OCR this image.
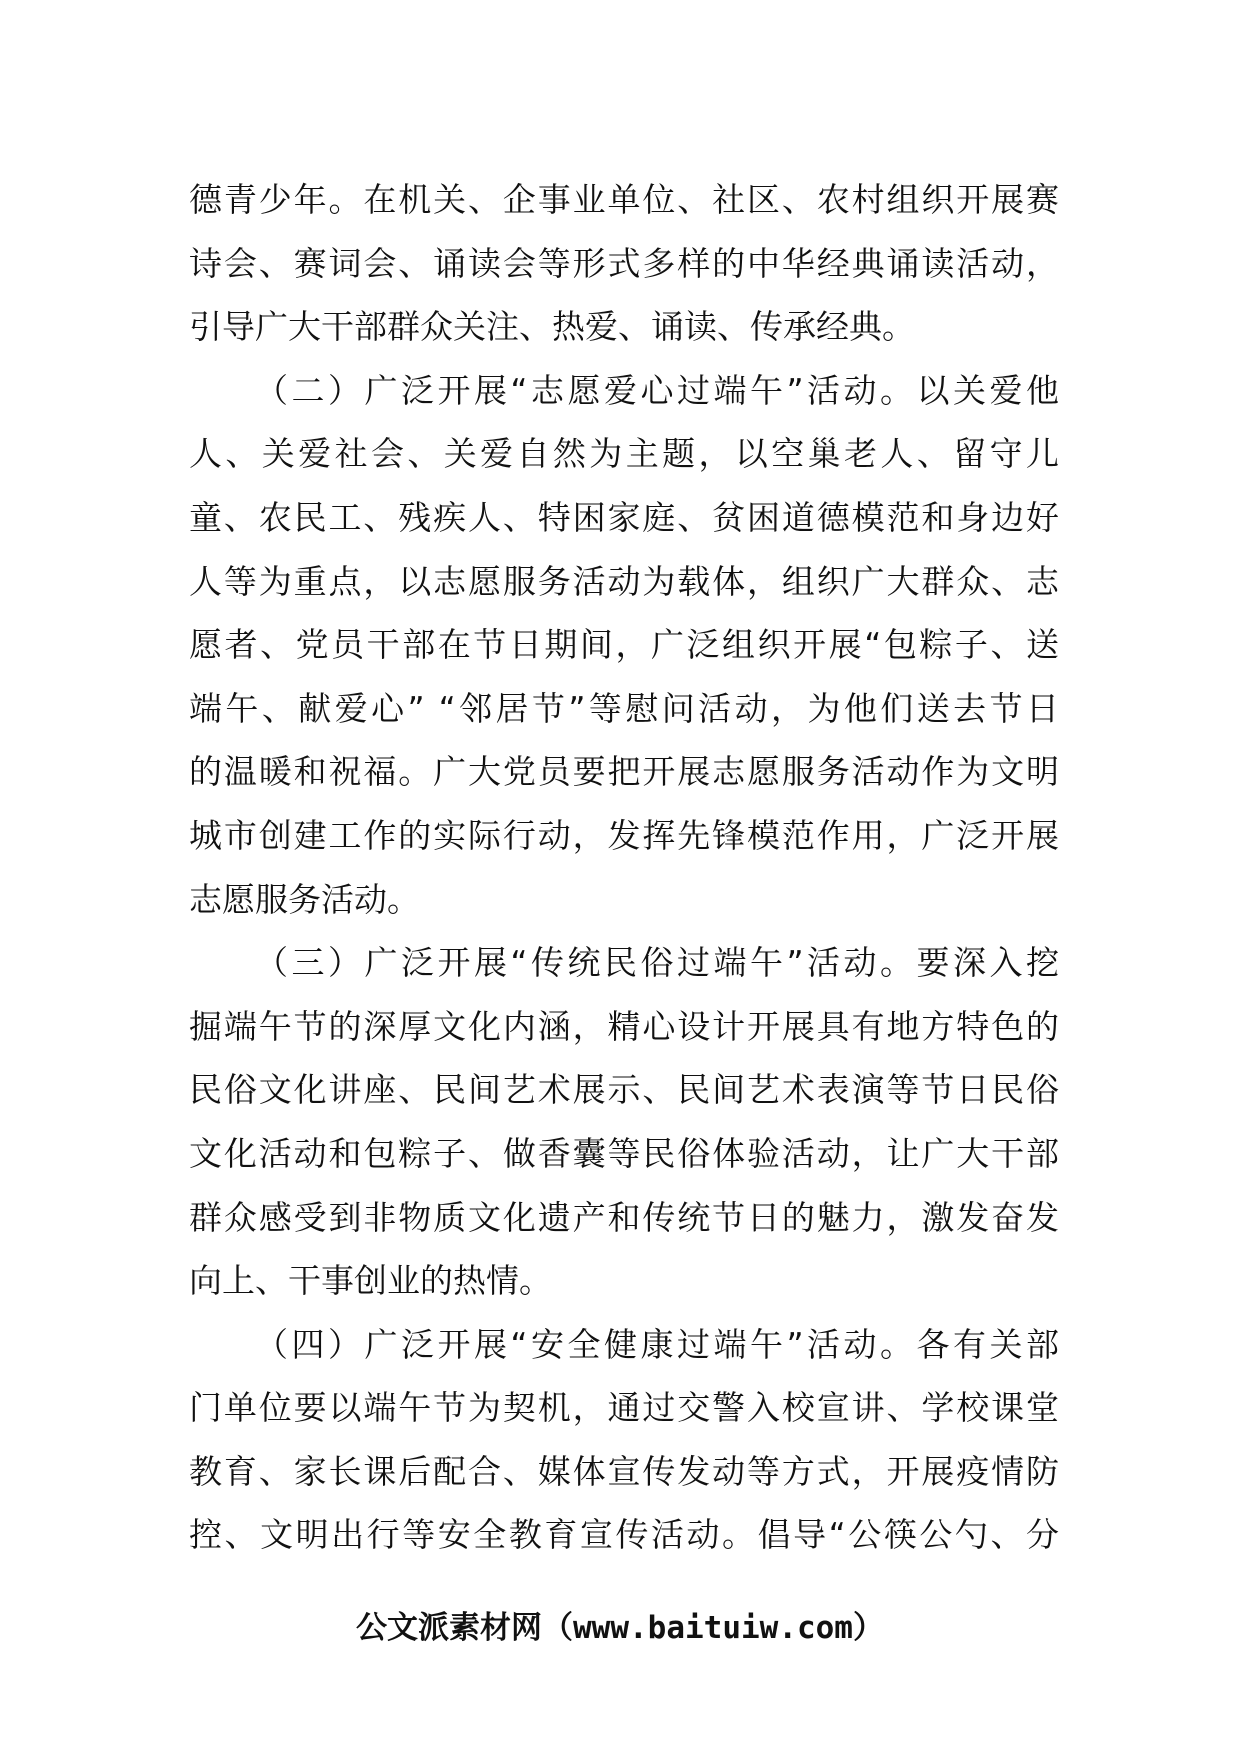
德青少年。在机关、企事业单位、社区、农村组织开展赛
诗会、赛词会、诵读会等形式多样的中华经典诵读活动，
引导广大干部群众关注、热爱、诵读、传承经典。
（二）广泛开展“志愿爱心过端午”活动。以关爱他
人、关爱社会、关爱自然为主题，以空巢老人、留守儿
童、农民工、残疾人、特困家庭、贫困道德模范和身边好
人等为重点，以志愿服务活动为载体，组织广大群众、志
愿者、党员干部在节日期间，广泛组织开展“包粽子、送
端午、献爱心” “邻居节”等慰问活动，为他们送去节日
的温暖和祝福。广大党员要把开展志愿服务活动作为文明
城市创建工作的实际行动，发挥先锋模范作用，广泛开展
志愿服务活动。
（三）广泛开展“传统民俗过端午”活动。要深入挖
掘端午节的深厚文化内涵，精心设计开展具有地方特色的
民俗文化讲座、民间艺术展示、民间艺术表演等节日民俗
文化活动和包粽子、做香囊等民俗体验活动，让广大干部
群众感受到非物质文化遗产和传统节日的魅力，激发奋发
向上、干事创业的热情。
（四）广泛开展“安全健康过端午”活动。各有关部
门单位要以端午节为契机，通过交警入校宣讲、学校课堂
教育、家长课后配合、媒体宣传发动等方式，开展疫情防
控、文明出行等安全教育宣传活动。倡导“公筷公勺、分
公文派素材网（www.baituiw.com）
